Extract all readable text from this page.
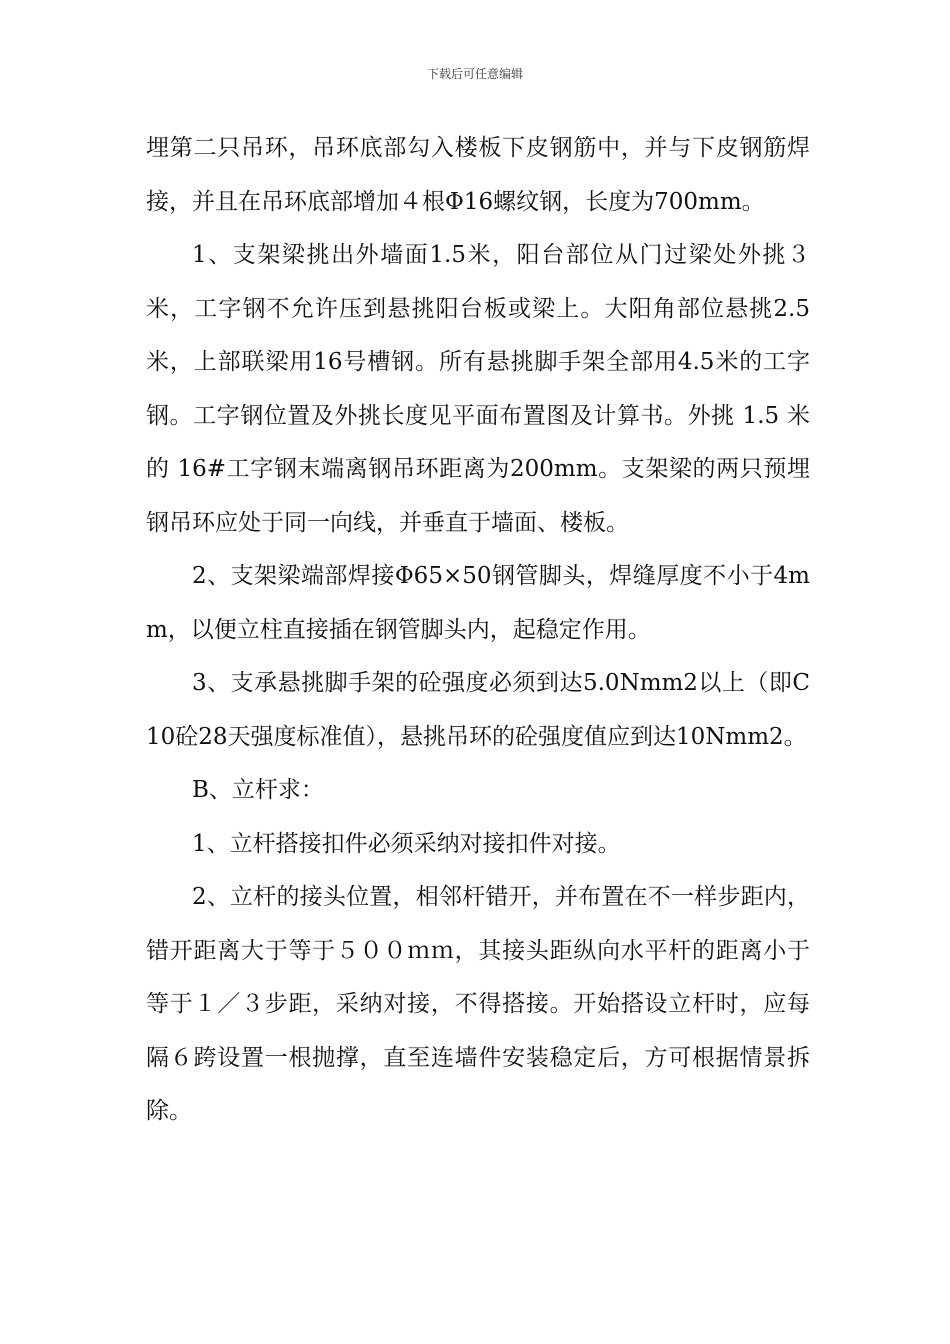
下载后可任意编辑

埋第二只吊环，吊环底部勾入楼板下皮钢筋中，并与下皮钢筋焊接，并且在吊环底部增加４根Φ16螺纹钢，长度为700mm。

1、支架梁挑出外墙面1.5米，阳台部位从门过梁处外挑３米，工字钢不允许压到悬挑阳台板或梁上。大阳角部位悬挑2.5米，上部联梁用16号槽钢。所有悬挑脚手架全部用4.5米的工字钢。工字钢位置及外挑长度见平面布置图及计算书。外挑 1.5 米的 16#工字钢末端离钢吊环距离为200mm。支架梁的两只预埋钢吊环应处于同一向线，并垂直于墙面、楼板。

2、支架梁端部焊接Φ65×50钢管脚头，焊缝厚度不小于4mm，以便立柱直接插在钢管脚头内，起稳定作用。

3、支承悬挑脚手架的砼强度必须到达5.0Nmm2以上（即C10砼28天强度标准值），悬挑吊环的砼强度值应到达10Nmm2。

B、立杆求：

1、立杆搭接扣件必须采纳对接扣件对接。

2、立杆的接头位置，相邻杆错开，并布置在不一样步距内，错开距离大于等于５００ｍｍ，其接头距纵向水平杆的距离小于等于１／３步距，采纳对接，不得搭接。开始搭设立杆时，应每隔６跨设置一根抛撑，直至连墙件安装稳定后，方可根据情景拆除。
